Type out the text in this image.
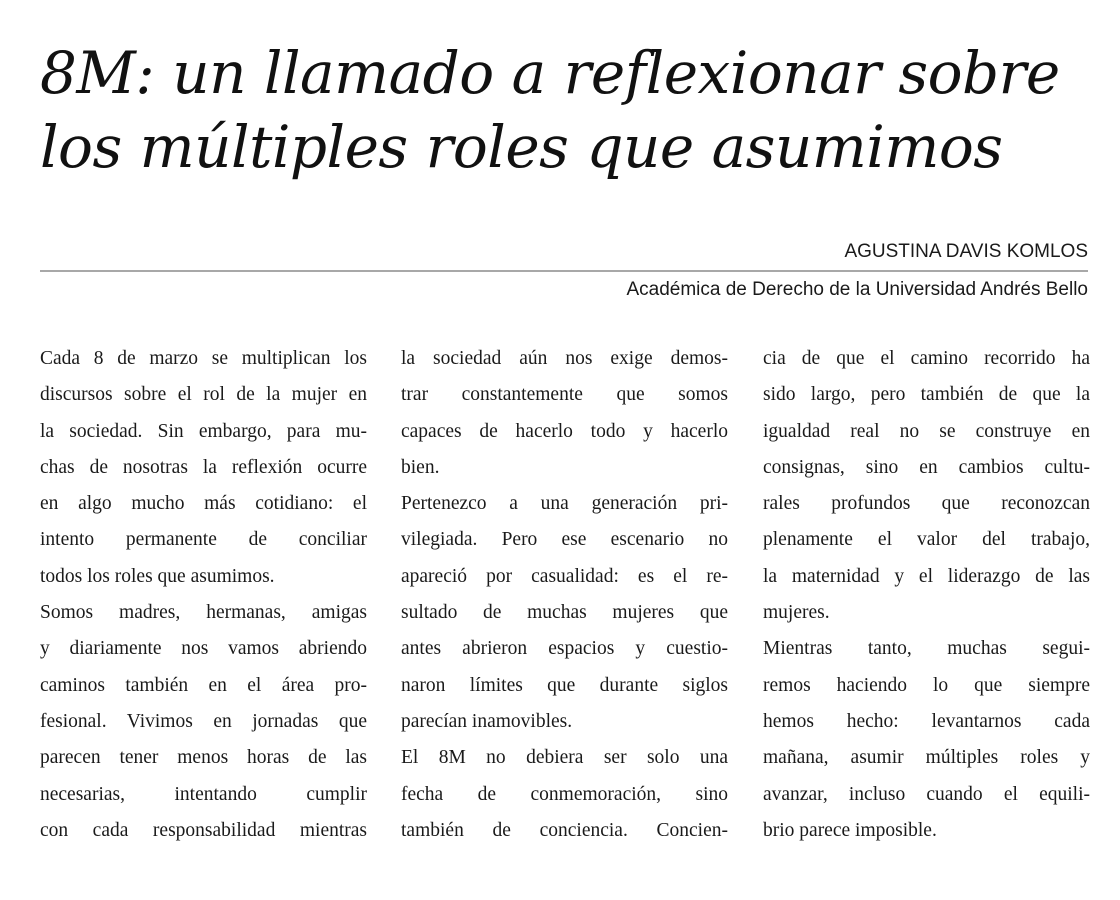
8M: un llamado a reflexionar sobre
los múltiples roles que asumimos
AGUSTINA DAVIS KOMLOS
Académica de Derecho de la Universidad Andrés Bello
Cada 8 de marzo se multiplican los
discursos sobre el rol de la mujer en
la sociedad. Sin embargo, para mu-
chas de nosotras la reflexión ocurre
en algo mucho más cotidiano: el
intento permanente de conciliar
todos los roles que asumimos.
Somos madres, hermanas, amigas
y diariamente nos vamos abriendo
caminos también en el área pro-
fesional. Vivimos en jornadas que
parecen tener menos horas de las
necesarias, intentando cumplir
con cada responsabilidad mientras
la sociedad aún nos exige demos-
trar constantemente que somos
capaces de hacerlo todo y hacerlo
bien.
Pertenezco a una generación pri-
vilegiada. Pero ese escenario no
apareció por casualidad: es el re-
sultado de muchas mujeres que
antes abrieron espacios y cuestio-
naron límites que durante siglos
parecían inamovibles.
El 8M no debiera ser solo una
fecha de conmemoración, sino
también de conciencia. Concien-
cia de que el camino recorrido ha
sido largo, pero también de que la
igualdad real no se construye en
consignas, sino en cambios cultu-
rales profundos que reconozcan
plenamente el valor del trabajo,
la maternidad y el liderazgo de las
mujeres.
Mientras tanto, muchas segui-
remos haciendo lo que siempre
hemos hecho: levantarnos cada
mañana, asumir múltiples roles y
avanzar, incluso cuando el equili-
brio parece imposible.
